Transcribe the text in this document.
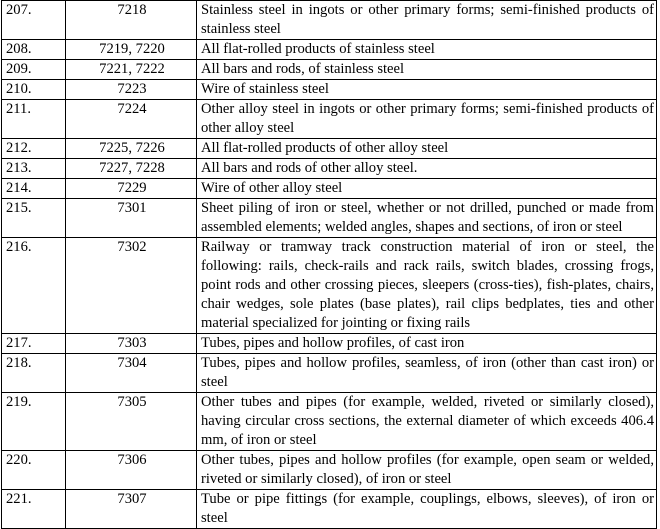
207.	7218	Stainless steel in ingots or other primary forms; semi-finished products of stainless steel
208.	7219, 7220	All flat-rolled products of stainless steel
209.	7221, 7222	All bars and rods, of stainless steel
210.	7223	Wire of stainless steel
211.	7224	Other alloy steel in ingots or other primary forms; semi-finished products of other alloy steel
212.	7225, 7226	All flat-rolled products of other alloy steel
213.	7227, 7228	All bars and rods of other alloy steel.
214.	7229	Wire of other alloy steel
215.	7301	Sheet piling of iron or steel, whether or not drilled, punched or made from assembled elements; welded angles, shapes and sections, of iron or steel
216.	7302	Railway or tramway track construction material of iron or steel, the following: rails, check-rails and rack rails, switch blades, crossing frogs, point rods and other crossing pieces, sleepers (cross-ties), fish-plates, chairs, chair wedges, sole plates (base plates), rail clips bedplates, ties and other material specialized for jointing or fixing rails
217.	7303	Tubes, pipes and hollow profiles, of cast iron
218.	7304	Tubes, pipes and hollow profiles, seamless, of iron (other than cast iron) or steel
219.	7305	Other tubes and pipes (for example, welded, riveted or similarly closed), having circular cross sections, the external diameter of which exceeds 406.4 mm, of iron or steel
220.	7306	Other tubes, pipes and hollow profiles (for example, open seam or welded, riveted or similarly closed), of iron or steel
221.	7307	Tube or pipe fittings (for example, couplings, elbows, sleeves), of iron or steel
